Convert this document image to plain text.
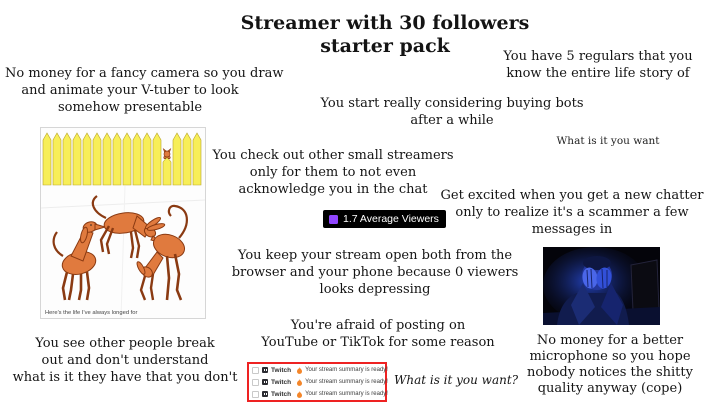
Streamer with 30 followers
starter pack
No money for a fancy camera so you draw
and animate your V-tuber to look
somehow presentable
You have 5 regulars that you
know the entire life story of
You start really considering buying bots
after a while
What is it you want
You check out other small streamers
only for them to not even
acknowledge you in the chat	Get excited when you get a new chatter
only to realize it's a scammer a few
messages in
You keep your stream open both from the
browser and your phone because 0 viewers
looks depressing
You're afraid of posting on
YouTube or TikTok for some reason
You see other people break
out and don't understand
what is it they have that you don't	What is it you want?
No money for a better
microphone so you hope
nobody notices the shitty
quality anyway (cope)
Here's the life I've always longed for
1.7 Average Viewers
Twitch Your stream summary is ready!
Twitch Your stream summary is ready!
Twitch Your stream summary is ready!
